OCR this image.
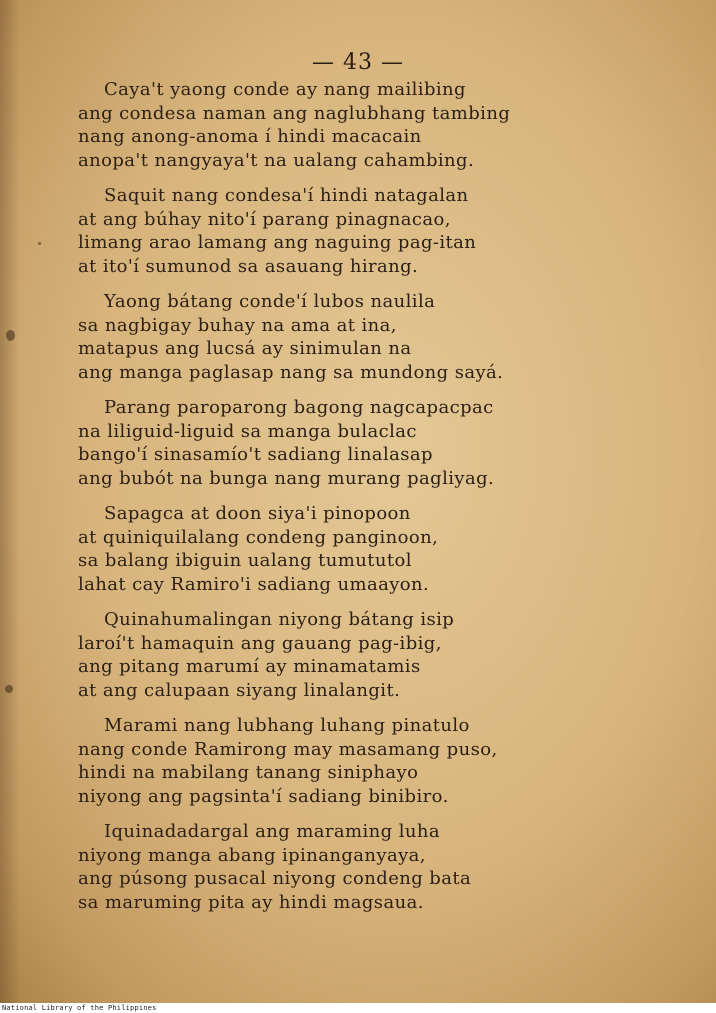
— 43 —
Caya't yaong conde ay nang mailibing
ang condesa naman ang naglubhang tambing
nang anong-anoma í hindi macacain
anopa't nangyaya't na ualang cahambing.
Saquit nang condesa'í hindi natagalan
at ang búhay nito'í parang pinagnacao,
limang arao lamang ang naguing pag-itan
at ito'í sumunod sa asauang hirang.
Yaong bátang conde'í lubos naulila
sa nagbigay buhay na ama at ina,
matapus ang lucsá ay sinimulan na
ang manga paglasap nang sa mundong sayá.
Parang paroparong bagong nagcapacpac
na liliguid-liguid sa manga bulaclac
bango'í sinasamío't sadiang linalasap
ang bubót na bunga nang murang pagliyag.
Sapagca at doon siya'i pinopoon
at quiniquilalang condeng panginoon,
sa balang ibiguin ualang tumututol
lahat cay Ramiro'i sadiang umaayon.
Quinahumalingan niyong bátang isip
laroí't hamaquin ang gauang pag-ibig,
ang pitang marumí ay minamatamis
at ang calupaan siyang linalangit.
Marami nang lubhang luhang pinatulo
nang conde Ramirong may masamang puso,
hindi na mabilang tanang siniphayo
niyong ang pagsinta'í sadiang binibiro.
Iquinadadargal ang maraming luha
niyong manga abang ipinanganyaya,
ang púsong pusacal niyong condeng bata
sa maruming pita ay hindi magsaua.
National Library of the Philippines
